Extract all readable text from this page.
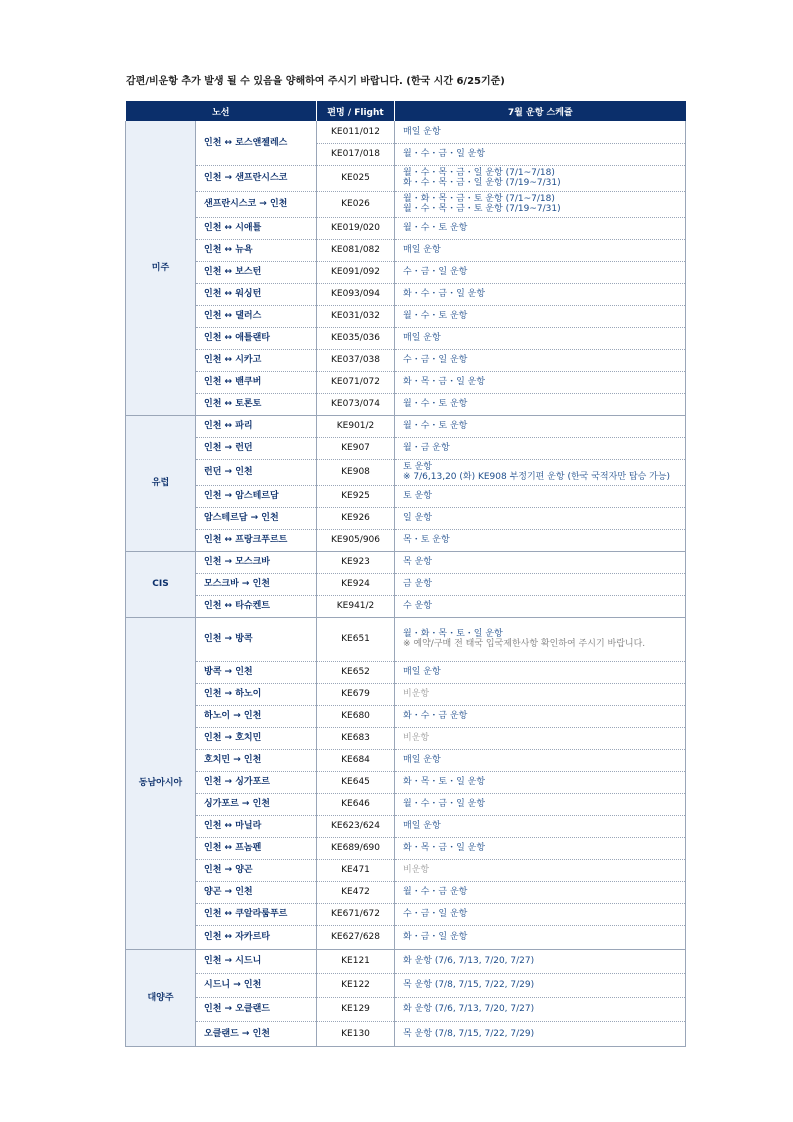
감편/비운항 추가 발생 될 수 있음을 양해하여 주시기 바랍니다. (한국 시간 6/25기준)
노선		편명 / Flight	7월 운항 스케쥴
미주	인천 ↔ 로스앤젤레스	KE011/012	매일 운항

		KE017/018	월・수・금・일 운항

	인천 → 샌프란시스코	KE025	월・수・목・금・일 운항 (7/1~7/18)
화・수・목・금・일 운항 (7/19~7/31)

	샌프란시스코 → 인천	KE026	월・화・목・금・토 운항 (7/1~7/18)
월・수・목・금・토 운항 (7/19~7/31)

	인천 ↔ 시애틀	KE019/020	월・수・토 운항

	인천 ↔ 뉴욕	KE081/082	매일 운항

	인천 ↔ 보스턴	KE091/092	수・금・일 운항

	인천 ↔ 워싱턴	KE093/094	화・수・금・일 운항

	인천 ↔ 댈러스	KE031/032	월・수・토 운항

	인천 ↔ 애틀랜타	KE035/036	매일 운항

	인천 ↔ 시카고	KE037/038	수・금・일 운항

	인천 ↔ 밴쿠버	KE071/072	화・목・금・일 운항

	인천 ↔ 토론토	KE073/074	월・수・토 운항

유럽	인천 ↔ 파리	KE901/2	월・수・토 운항

	인천 → 런던	KE907	월・금 운항

	런던 → 인천	KE908	토 운항
※ 7/6,13,20 (화) KE908 부정기편 운항 (한국 국적자만 탑승 가능)

	인천 → 암스테르담	KE925	토 운항

	암스테르담 → 인천	KE926	일 운항

	인천 ↔ 프랑크푸르트	KE905/906	목・토 운항

CIS	인천 → 모스크바	KE923	목 운항

	모스크바 → 인천	KE924	금 운항

	인천 ↔ 타슈켄트	KE941/2	수 운항

동남아시아	인천 → 방콕	KE651	월・화・목・토・일 운항
※ 예약/구매 전 태국 입국제한사항 확인하여 주시기 바랍니다.

	방콕 → 인천	KE652	매일 운항

	인천 → 하노이	KE679	비운항

	하노이 → 인천	KE680	화・수・금 운항

	인천 → 호치민	KE683	비운항

	호치민 → 인천	KE684	매일 운항

	인천 → 싱가포르	KE645	화・목・토・일 운항

	싱가포르 → 인천	KE646	월・수・금・일 운항

	인천 ↔ 마닐라	KE623/624	매일 운항

	인천 ↔ 프놈펜	KE689/690	화・목・금・일 운항

	인천 → 양곤	KE471	비운항

	양곤 → 인천	KE472	월・수・금 운항

	인천 ↔ 쿠알라룸푸르	KE671/672	수・금・일 운항

	인천 ↔ 자카르타	KE627/628	화・금・일 운항

대양주	인천 → 시드니	KE121	화 운항 (7/6, 7/13, 7/20, 7/27)

	시드니 → 인천	KE122	목 운항 (7/8, 7/15, 7/22, 7/29)

	인천 → 오클랜드	KE129	화 운항 (7/6, 7/13, 7/20, 7/27)

	오클랜드 → 인천	KE130	목 운항 (7/8, 7/15, 7/22, 7/29)
